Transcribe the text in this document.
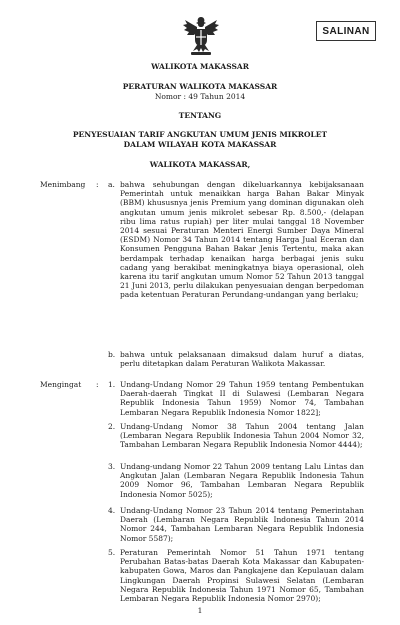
SALINAN
WALIKOTA MAKASSAR
PERATURAN WALIKOTA MAKASSAR
Nomor : 49 Tahun 2014
TENTANG
PENYESUAIAN TARIF ANGKUTAN UMUM JENIS MIKROLET
DALAM WILAYAH KOTA MAKASSAR
WALIKOTA MAKASSAR,
Menimbang : a. bahwa sehubungan dengan dikeluarkannya kebijaksanaan Pemerintah untuk menaikkan harga Bahan Bakar Minyak (BBM) khususnya jenis Premium yang dominan digunakan oleh angkutan umum jenis mikrolet sebesar Rp. 8.500,- (delapan ribu lima ratus rupiah) per liter mulai tanggal 18 November 2014 sesuai Peraturan Menteri Energi Sumber Daya Mineral (ESDM) Nomor 34 Tahun 2014 tentang Harga Jual Eceran dan Konsumen Pengguna Bahan Bakar Jenis Tertentu, maka akan berdampak terhadap kenaikan harga berbagai jenis suku cadang yang berakibat meningkatnya biaya operasional, oleh karena itu tarif angkutan umum Nomor 52 Tahun 2013 tanggal 21 Juni 2013, perlu dilakukan penyesuaian dengan berpedoman pada ketentuan Peraturan Perundang-undangan yang berlaku;
b. bahwa untuk pelaksanaan dimaksud dalam huruf a diatas, perlu ditetapkan dalam Peraturan Walikota Makassar.
Mengingat : 1. Undang-Undang Nomor 29 Tahun 1959 tentang Pembentukan Daerah-daerah Tingkat II di Sulawesi (Lembaran Negara Republik Indonesia Tahun 1959) Nomor 74, Tambahan Lembaran Negara Republik Indonesia Nomor 1822];
2. Undang-Undang Nomor 38 Tahun 2004 tentang Jalan (Lembaran Negara Republik Indonesia Tahun 2004 Nomor 32, Tambahan Lembaran Negara Republik Indonesia Nomor 4444);
3. Undang-undang Nomor 22 Tahun 2009 tentang Lalu Lintas dan Angkutan Jalan (Lembaran Negara Republik Indonesia Tahun 2009 Nomor 96, Tambahan Lembaran Negara Republik Indonesia Nomor 5025);
4. Undang-Undang Nomor 23 Tahun 2014 tentang Pemerintahan Daerah (Lembaran Negara Republik Indonesia Tahun 2014 Nomor 244, Tambahan Lembaran Negara Republik Indonesia Nomor 5587);
5. Peraturan Pemerintah Nomor 51 Tahun 1971 tentang Perubahan Batas-batas Daerah Kota Makassar dan Kabupaten-kabupaten Gowa, Maros dan Pangkajene dan Kepulauan dalam Lingkungan Daerah Propinsi Sulawesi Selatan (Lembaran Negara Republik Indonesia Tahun 1971 Nomor 65, Tambahan Lembaran Negara Republik Indonesia Nomor 2970);
1
